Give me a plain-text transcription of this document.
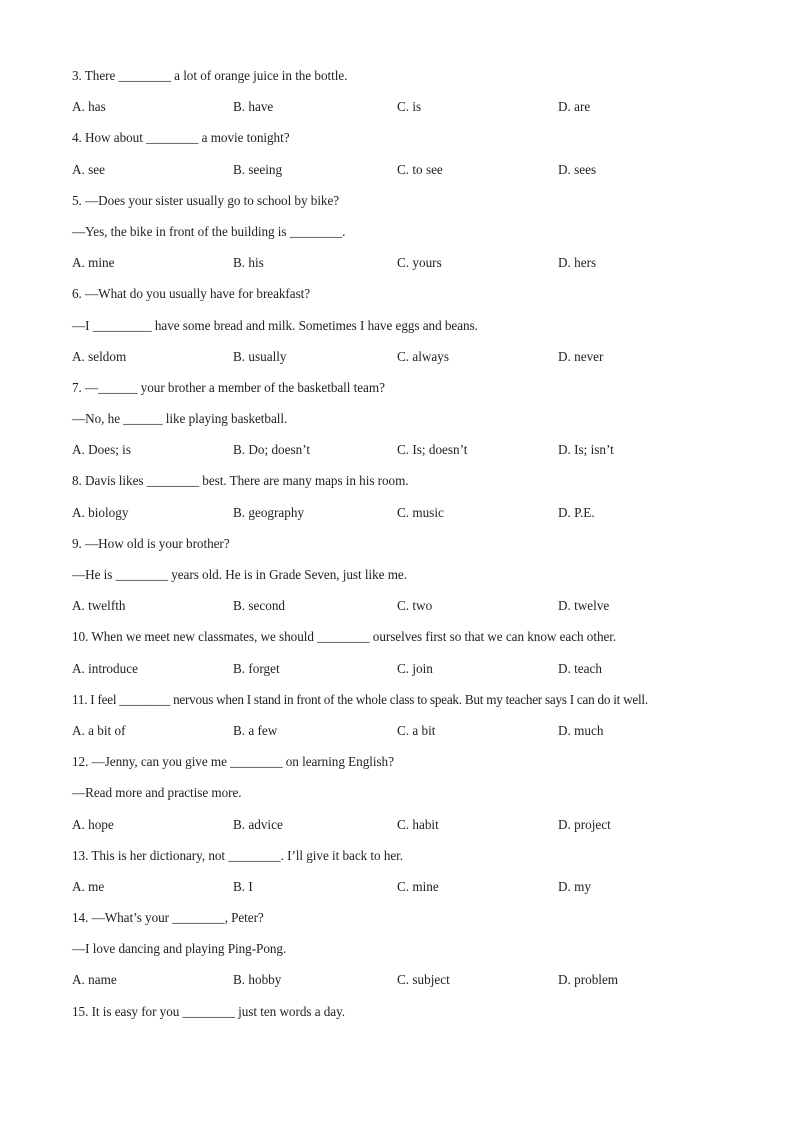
3. There ________ a lot of orange juice in the bottle.
A. has	B. have	C. is	D. are
4. How about ________ a movie tonight?
A. see	B. seeing	C. to see	D. sees
5. —Does your sister usually go to school by bike?
—Yes, the bike in front of the building is ________.
A. mine	B. his	C. yours	D. hers
6. —What do you usually have for breakfast?
—I _________ have some bread and milk. Sometimes I have eggs and beans.
A. seldom	B. usually	C. always	D. never
7. —______ your brother a member of the basketball team?
—No, he ______ like playing basketball.
A. Does; is	B. Do; doesn’t	C. Is; doesn’t	D. Is; isn’t
8. Davis likes ________ best. There are many maps in his room.
A. biology	B. geography	C. music	D. P.E.
9. —How old is your brother?
—He is ________ years old. He is in Grade Seven, just like me.
A. twelfth	B. second	C. two	D. twelve
10. When we meet new classmates, we should ________ ourselves first so that we can know each other.
A. introduce	B. forget	C. join	D. teach
11. I feel ________ nervous when I stand in front of the whole class to speak. But my teacher says I can do it well.
A. a bit of	B. a few	C. a bit	D. much
12. —Jenny, can you give me ________ on learning English?
—Read more and practise more.
A. hope	B. advice	C. habit	D. project
13. This is her dictionary, not ________. I’ll give it back to her.
A. me	B. I	C. mine	D. my
14. —What’s your ________, Peter?
—I love dancing and playing Ping-Pong.
A. name	B. hobby	C. subject	D. problem
15. It is easy for you ________ just ten words a day.
